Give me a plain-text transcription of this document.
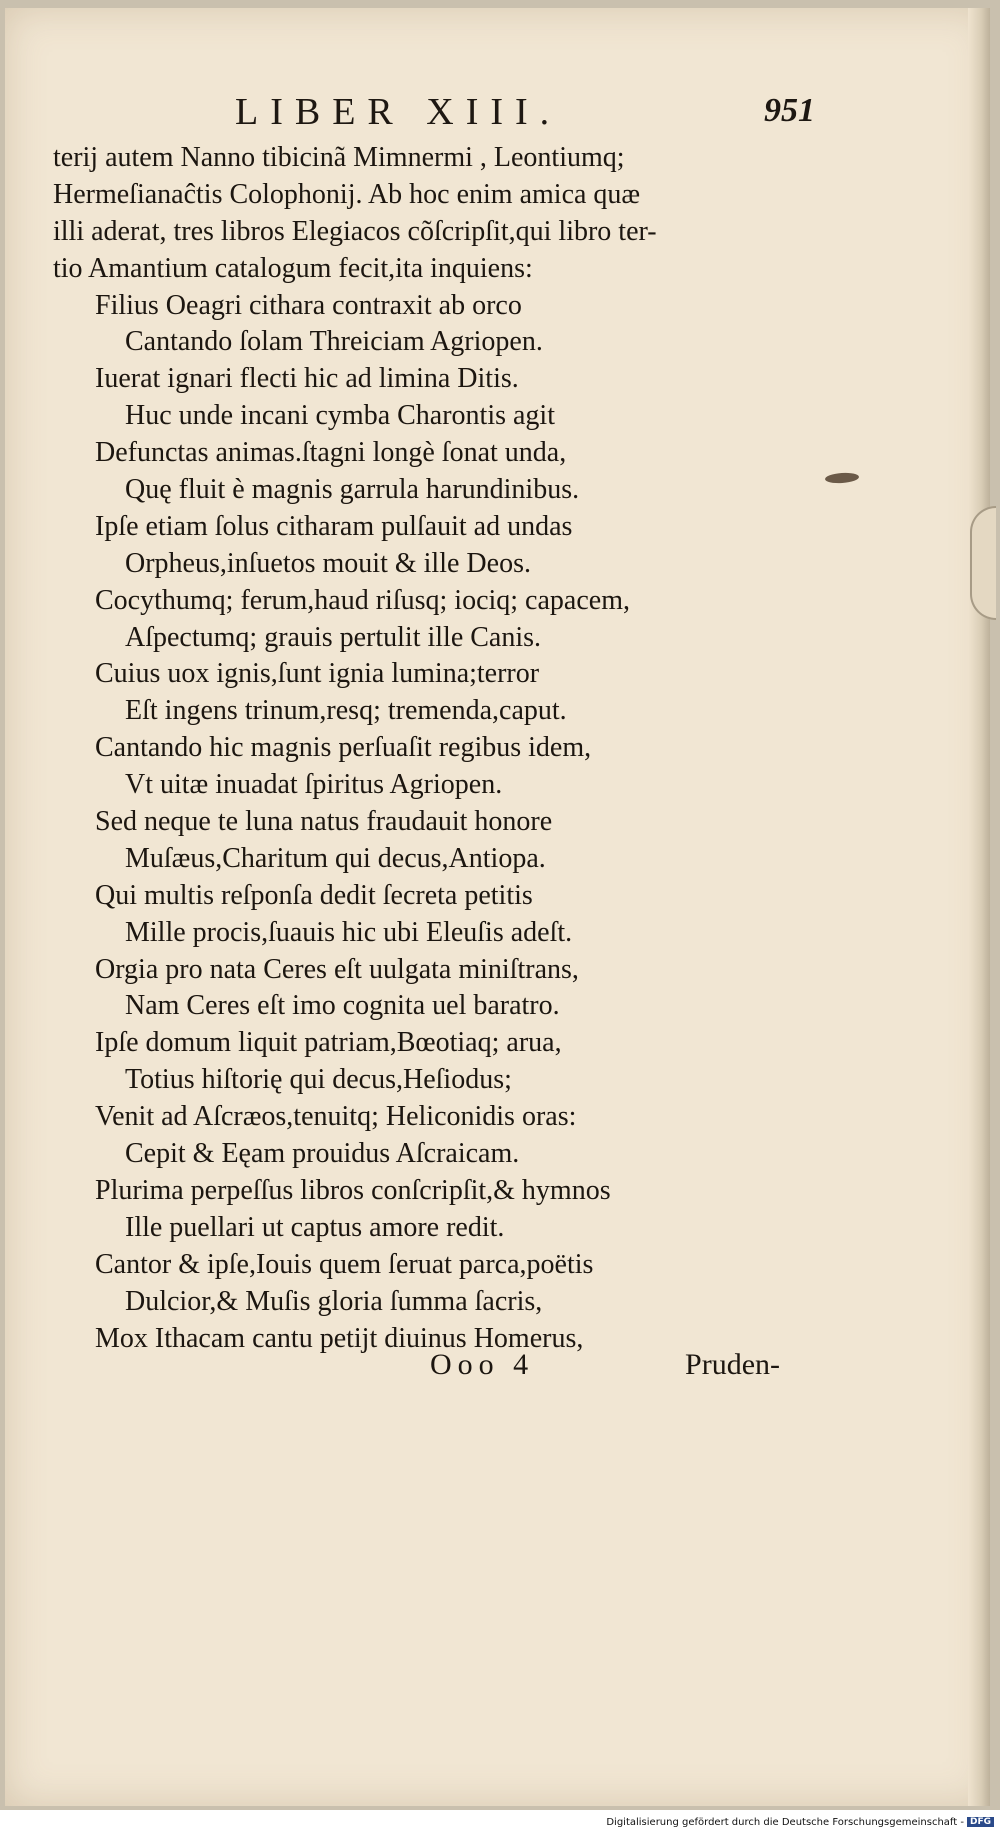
LIBER XIII.	951
terij autem Nanno tibicinã Mimnermi , Leontiumq;
Hermeſianaĉtis Colophonij. Ab hoc enim amica quæ
illi aderat, tres libros Elegiacos cõſcripſit,qui libro ter-
tio Amantium catalogum fecit,ita inquiens:
Filius Oeagri cithara contraxit ab orco
Cantando ſolam Threiciam Agriopen.
Iuerat ignari flecti hic ad limina Ditis.
Huc unde incani cymba Charontis agit
Defunctas animas.ſtagni longè ſonat unda,
Quę fluit è magnis garrula harundinibus.
Ipſe etiam ſolus citharam pulſauit ad undas
Orpheus,inſuetos mouit & ille Deos.
Cocythumq; ferum,haud riſusq; iociq; capacem,
Aſpectumq; grauis pertulit ille Canis.
Cuius uox ignis,ſunt ignia lumina;terror
Eſt ingens trinum,resq; tremenda,caput.
Cantando hic magnis perſuaſit regibus idem,
Vt uitæ inuadat ſpiritus Agriopen.
Sed neque te luna natus fraudauit honore
Muſæus,Charitum qui decus,Antiopa.
Qui multis reſponſa dedit ſecreta petitis
Mille procis,ſuauis hic ubi Eleuſis adeſt.
Orgia pro nata Ceres eſt uulgata miniſtrans,
Nam Ceres eſt imo cognita uel baratro.
Ipſe domum liquit patriam,Bœotiaq; arua,
Totius hiſtorię qui decus,Heſiodus;
Venit ad Aſcræos,tenuitq; Heliconidis oras:
Cepit & Eęam prouidus Aſcraicam.
Plurima perpeſſus libros conſcripſit,& hymnos
Ille puellari ut captus amore redit.
Cantor & ipſe,Iouis quem ſeruat parca,poëtis
Dulcior,& Muſis gloria ſumma ſacris,
Mox Ithacam cantu petijt diuinus Homerus,
Ooo 4	Pruden-
Digitalisierung gefördert durch die Deutsche Forschungsgemeinschaft - DFG
